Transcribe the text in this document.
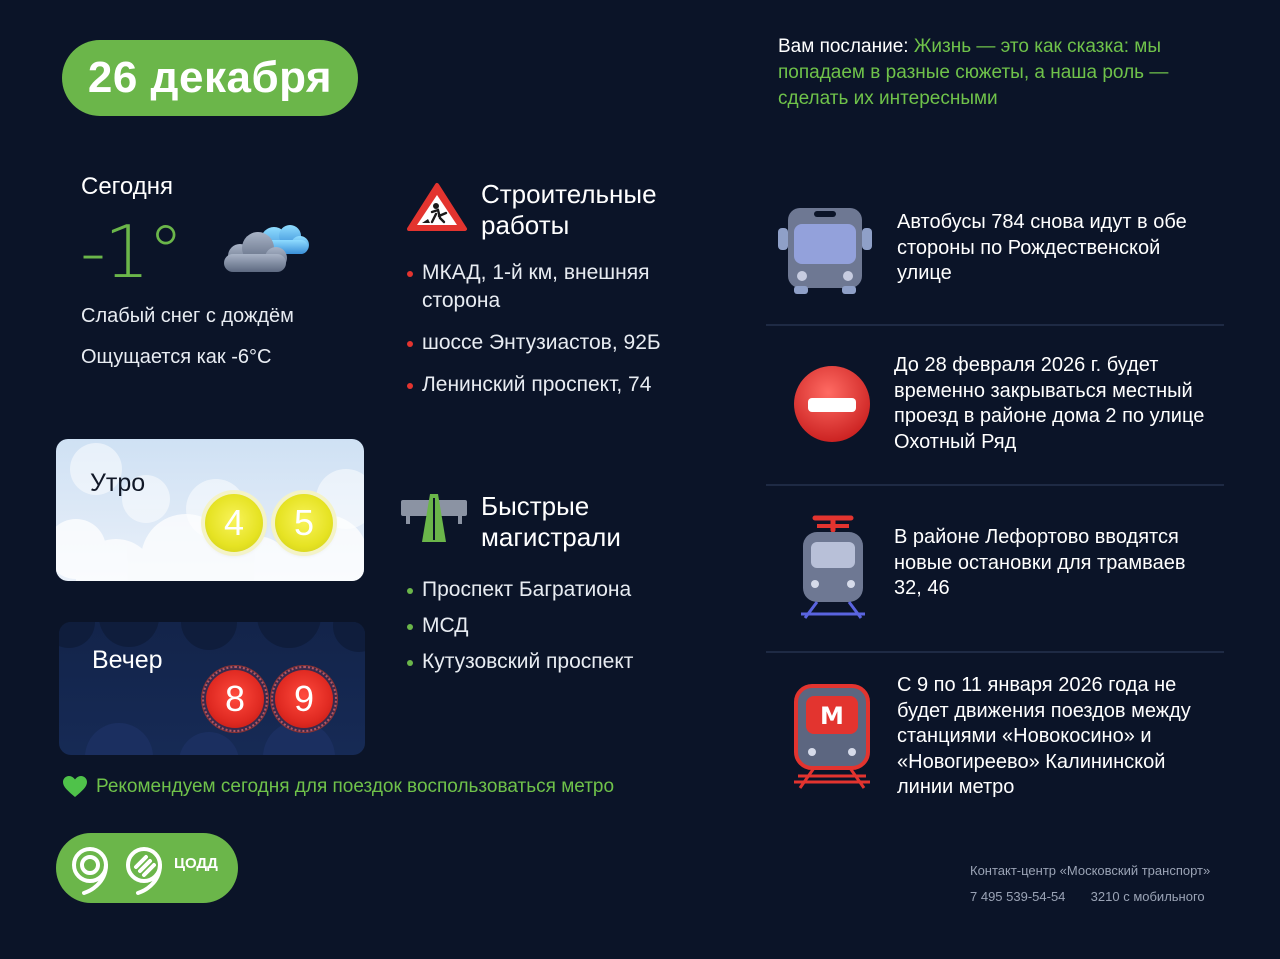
26 декабря
Вам послание: Жизнь — это как сказка: мы попадаем в разные сюжеты, а наша роль — сделать их интересными
Сегодня
-1°
Слабый снег с дождём
Ощущается как -6°C
Утро
4	5
Вечер
8	9
Рекомендуем сегодня для поездок воспользоваться метро
ЦОДД
Строительные работы
МКАД, 1-й км, внешняя сторона
шоссе Энтузиастов, 92Б
Ленинский проспект, 74
Быстрые магистрали
Проспект Багратиона
МСД
Кутузовский проспект
М
Автобусы 784 снова идут в обе стороны по Рождественской улице
До 28 февраля 2026 г. будет временно закрываться местный проезд в районе дома 2 по улице Охотный Ряд
В районе Лефортово вводятся новые остановки для трамваев 32, 46
С 9 по 11 января 2026 года не будет движения поездов между станциями «Новокосино» и «Новогиреево» Калининской линии метро
Контакт-центр «Московский транспорт»
7 495 539-54-54 3210 с мобильного
